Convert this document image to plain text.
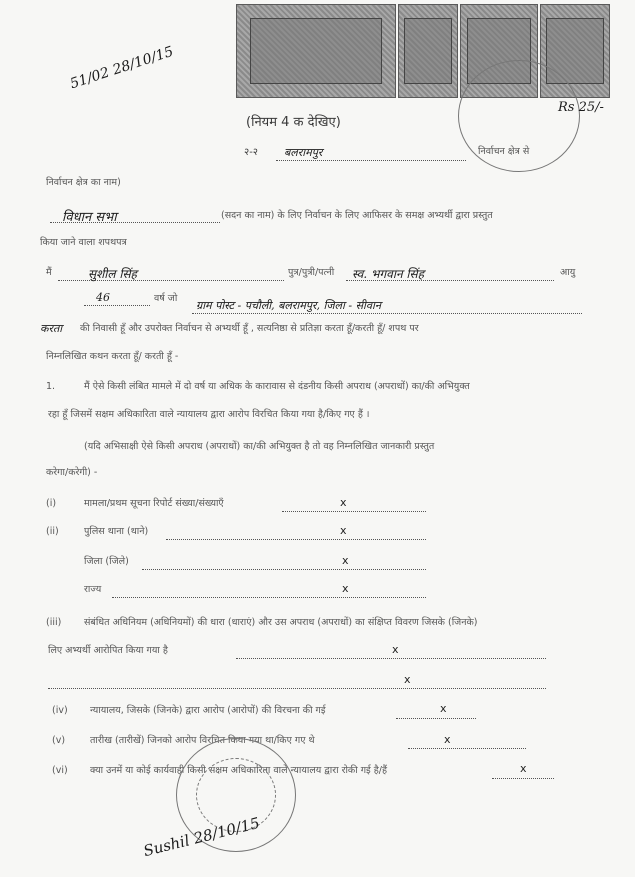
51/02 28/10/15
Rs 25/-
(नियम 4 क देखिए)
२-२ बलरामपुर	निर्वाचन क्षेत्र से
निर्वाचन क्षेत्र का नाम)
विधान सभा	(सदन का नाम) के लिए निर्वाचन के लिए आफिसर के समक्ष अभ्यर्थी द्वारा प्रस्तुत
किया जाने वाला शपथपत्र
मैं	सुशील सिंह	पुत्र/पुत्री/पत्नी स्व. भगवान सिंह	आयु
46	वर्ष जो
ग्राम पोस्ट - पचौली, बलरामपुर, जिला - सीवान
करता की निवासी हूँ और उपरोक्त निर्वाचन से अभ्यर्थी हूँ , सत्यनिष्ठा से प्रतिज्ञा करता हूँ/करती हूँ/ शपथ पर
निम्नलिखित कथन करता हूँ/ करती हूँ -
1.	मैं ऐसे किसी लंबित मामले में दो वर्ष या अधिक के कारावास से दंडनीय किसी अपराध (अपराधों) का/की अभियुक्त
रहा हूँ जिसमें सक्षम अधिकारिता वाले न्यायालय द्वारा आरोप विरचित किया गया है/किए गए हैं ।
(यदि अभिसाक्षी ऐसे किसी अपराध (अपराधों) का/की अभियुक्त है तो वह निम्नलिखित जानकारी प्रस्तुत
करेगा/करेगी) -
(i)	मामला/प्रथम सूचना रिपोर्ट संख्या/संख्याएँ	x
(ii)	पुलिस थाना (थाने)	x
जिला (जिले)	x
राज्य	x
(iii) संबंधित अधिनियम (अधिनियमों) की धारा (धाराएं) और उस अपराध (अपराधों) का संक्षिप्त विवरण जिसके (जिनके)
लिए अभ्यर्थी आरोपित किया गया है	x
x
(iv) न्यायालय, जिसके (जिनके) द्वारा आरोप (आरोपों) की विरचना की गई	x
(v)	तारीख (तारीखें) जिनको आरोप विरचित किया गया था/किए गए थे	x
(vi) क्या उनमें या कोई कार्यवाही किसी सक्षम अधिकारिता वाले न्यायालय द्वारा रोकी गई है/हैं	x
Sushil 28/10/15
